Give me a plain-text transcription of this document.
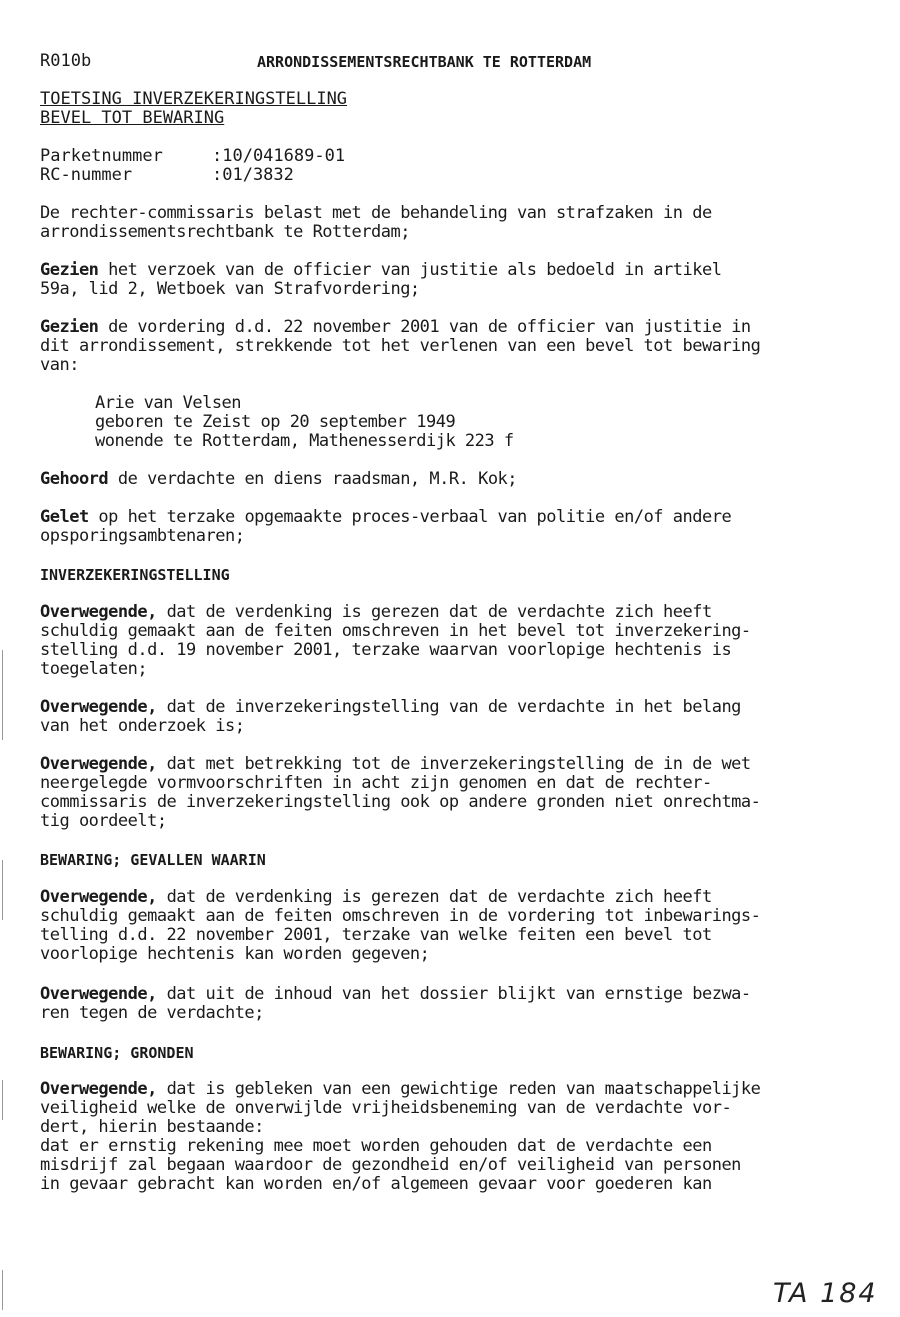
R010b	ARRONDISSEMENTSRECHTBANK TE ROTTERDAM
TOETSING INVERZEKERINGSTELLING
BEVEL TOT BEWARING
Parketnummer	:10/041689-01
RC-nummer	:01/3832
De rechter-commissaris belast met de behandeling van strafzaken in de
arrondissementsrechtbank te Rotterdam;
Gezien het verzoek van de officier van justitie als bedoeld in artikel
59a, lid 2, Wetboek van Strafvordering;
Gezien de vordering d.d. 22 november 2001 van de officier van justitie in
dit arrondissement, strekkende tot het verlenen van een bevel tot bewaring
van:
Arie van Velsen
geboren te Zeist op 20 september 1949
wonende te Rotterdam, Mathenesserdijk 223 f
Gehoord de verdachte en diens raadsman, M.R. Kok;
Gelet op het terzake opgemaakte proces-verbaal van politie en/of andere
opsporingsambtenaren;
INVERZEKERINGSTELLING
Overwegende, dat de verdenking is gerezen dat de verdachte zich heeft
schuldig gemaakt aan de feiten omschreven in het bevel tot inverzekering-
stelling d.d. 19 november 2001, terzake waarvan voorlopige hechtenis is
toegelaten;
Overwegende, dat de inverzekeringstelling van de verdachte in het belang
van het onderzoek is;
Overwegende, dat met betrekking tot de inverzekeringstelling de in de wet
neergelegde vormvoorschriften in acht zijn genomen en dat de rechter-
commissaris de inverzekeringstelling ook op andere gronden niet onrechtma-
tig oordeelt;
BEWARING; GEVALLEN WAARIN
Overwegende, dat de verdenking is gerezen dat de verdachte zich heeft
schuldig gemaakt aan de feiten omschreven in de vordering tot inbewarings-
telling d.d. 22 november 2001, terzake van welke feiten een bevel tot
voorlopige hechtenis kan worden gegeven;
Overwegende, dat uit de inhoud van het dossier blijkt van ernstige bezwa-
ren tegen de verdachte;
BEWARING; GRONDEN
Overwegende, dat is gebleken van een gewichtige reden van maatschappelijke
veiligheid welke de onverwijlde vrijheidsbeneming van de verdachte vor-
dert, hierin bestaande:
dat er ernstig rekening mee moet worden gehouden dat de verdachte een
misdrijf zal begaan waardoor de gezondheid en/of veiligheid van personen
in gevaar gebracht kan worden en/of algemeen gevaar voor goederen kan
TA 184
